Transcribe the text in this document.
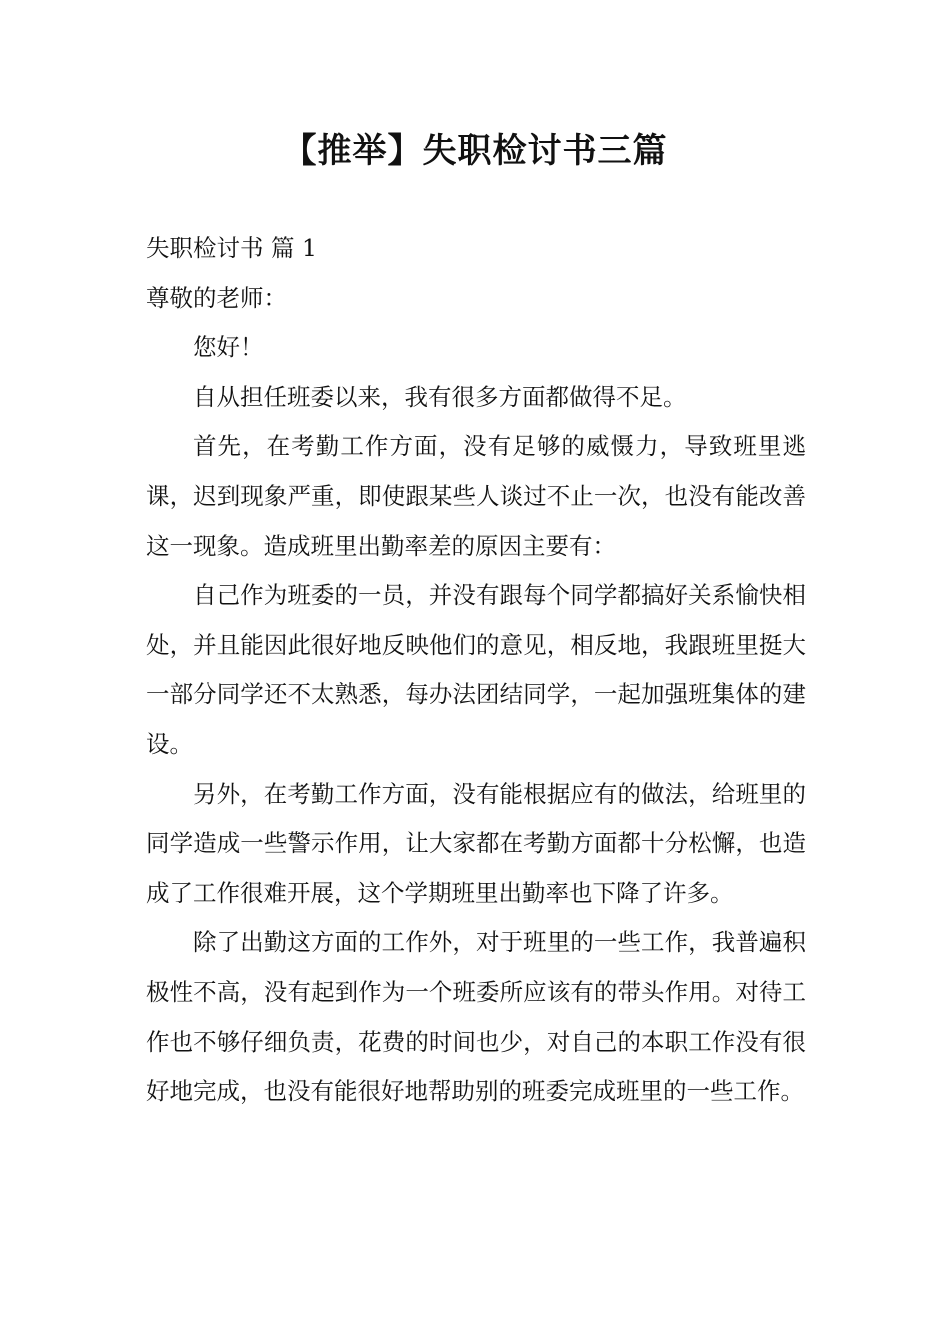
【推举】失职检讨书三篇

失职检讨书 篇 1

尊敬的老师：

您好！

自从担任班委以来，我有很多方面都做得不足。

首先，在考勤工作方面，没有足够的威慑力，导致班里逃课，迟到现象严重，即使跟某些人谈过不止一次，也没有能改善这一现象。造成班里出勤率差的原因主要有：

自己作为班委的一员，并没有跟每个同学都搞好关系愉快相处，并且能因此很好地反映他们的意见，相反地，我跟班里挺大一部分同学还不太熟悉，每办法团结同学，一起加强班集体的建设。

另外，在考勤工作方面，没有能根据应有的做法，给班里的同学造成一些警示作用，让大家都在考勤方面都十分松懈，也造成了工作很难开展，这个学期班里出勤率也下降了许多。

除了出勤这方面的工作外，对于班里的一些工作，我普遍积极性不高，没有起到作为一个班委所应该有的带头作用。对待工作也不够仔细负责，花费的时间也少，对自己的本职工作没有很好地完成，也没有能很好地帮助别的班委完成班里的一些工作。
